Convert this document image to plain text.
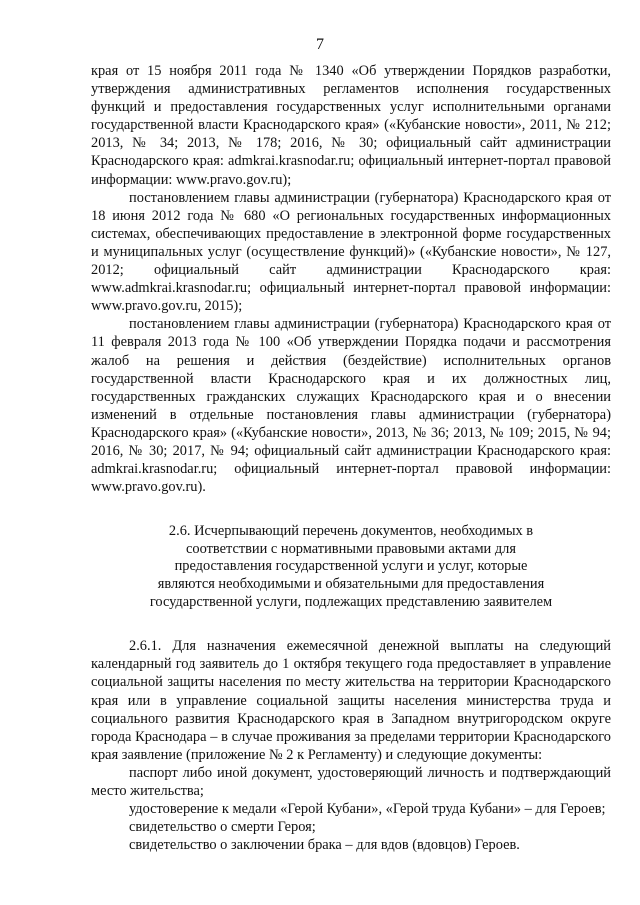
7

края от 15 ноября 2011 года № 1340 «Об утверждении Порядков разработки, утверждения административных регламентов исполнения государственных функций и предоставления государственных услуг исполнительными органами государственной власти Краснодарского края» («Кубанские новости», 2011, № 212; 2013, № 34; 2013, № 178; 2016, № 30; официальный сайт администрации Краснодарского края: admkrai.krasnodar.ru; официальный интернет-портал правовой информации: www.pravo.gov.ru);

постановлением главы администрации (губернатора) Краснодарского края от 18 июня 2012 года № 680 «О региональных государственных информационных системах, обеспечивающих предоставление в электронной форме государственных и муниципальных услуг (осуществление функций)» («Кубанские новости», № 127, 2012; официальный сайт администрации Краснодарского края: www.admkrai.krasnodar.ru; официальный интернет-портал правовой информации: www.pravo.gov.ru, 2015);

постановлением главы администрации (губернатора) Краснодарского края от 11 февраля 2013 года № 100 «Об утверждении Порядка подачи и рассмотрения жалоб на решения и действия (бездействие) исполнительных органов государственной власти Краснодарского края и их должностных лиц, государственных гражданских служащих Краснодарского края и о внесении изменений в отдельные постановления главы администрации (губернатора) Краснодарского края» («Кубанские новости», 2013, № 36; 2013, № 109; 2015, № 94; 2016, № 30; 2017, № 94; официальный сайт администрации Краснодарского края: admkrai.krasnodar.ru; официальный интернет-портал правовой информации: www.pravo.gov.ru).

2.6. Исчерпывающий перечень документов, необходимых в
соответствии с нормативными правовыми актами для
предоставления государственной услуги и услуг, которые
являются необходимыми и обязательными для предоставления
государственной услуги, подлежащих представлению заявителем

2.6.1. Для назначения ежемесячной денежной выплаты на следующий календарный год заявитель до 1 октября текущего года предоставляет в управление социальной защиты населения по месту жительства на территории Краснодарского края или в управление социальной защиты населения министерства труда и социального развития Краснодарского края в Западном внутригородском округе города Краснодара – в случае проживания за пределами территории Краснодарского края заявление (приложение № 2 к Регламенту) и следующие документы:

паспорт либо иной документ, удостоверяющий личность и подтверждающий место жительства;

удостоверение к медали «Герой Кубани», «Герой труда Кубани» – для Героев;

свидетельство о смерти Героя;

свидетельство о заключении брака – для вдов (вдовцов) Героев.
